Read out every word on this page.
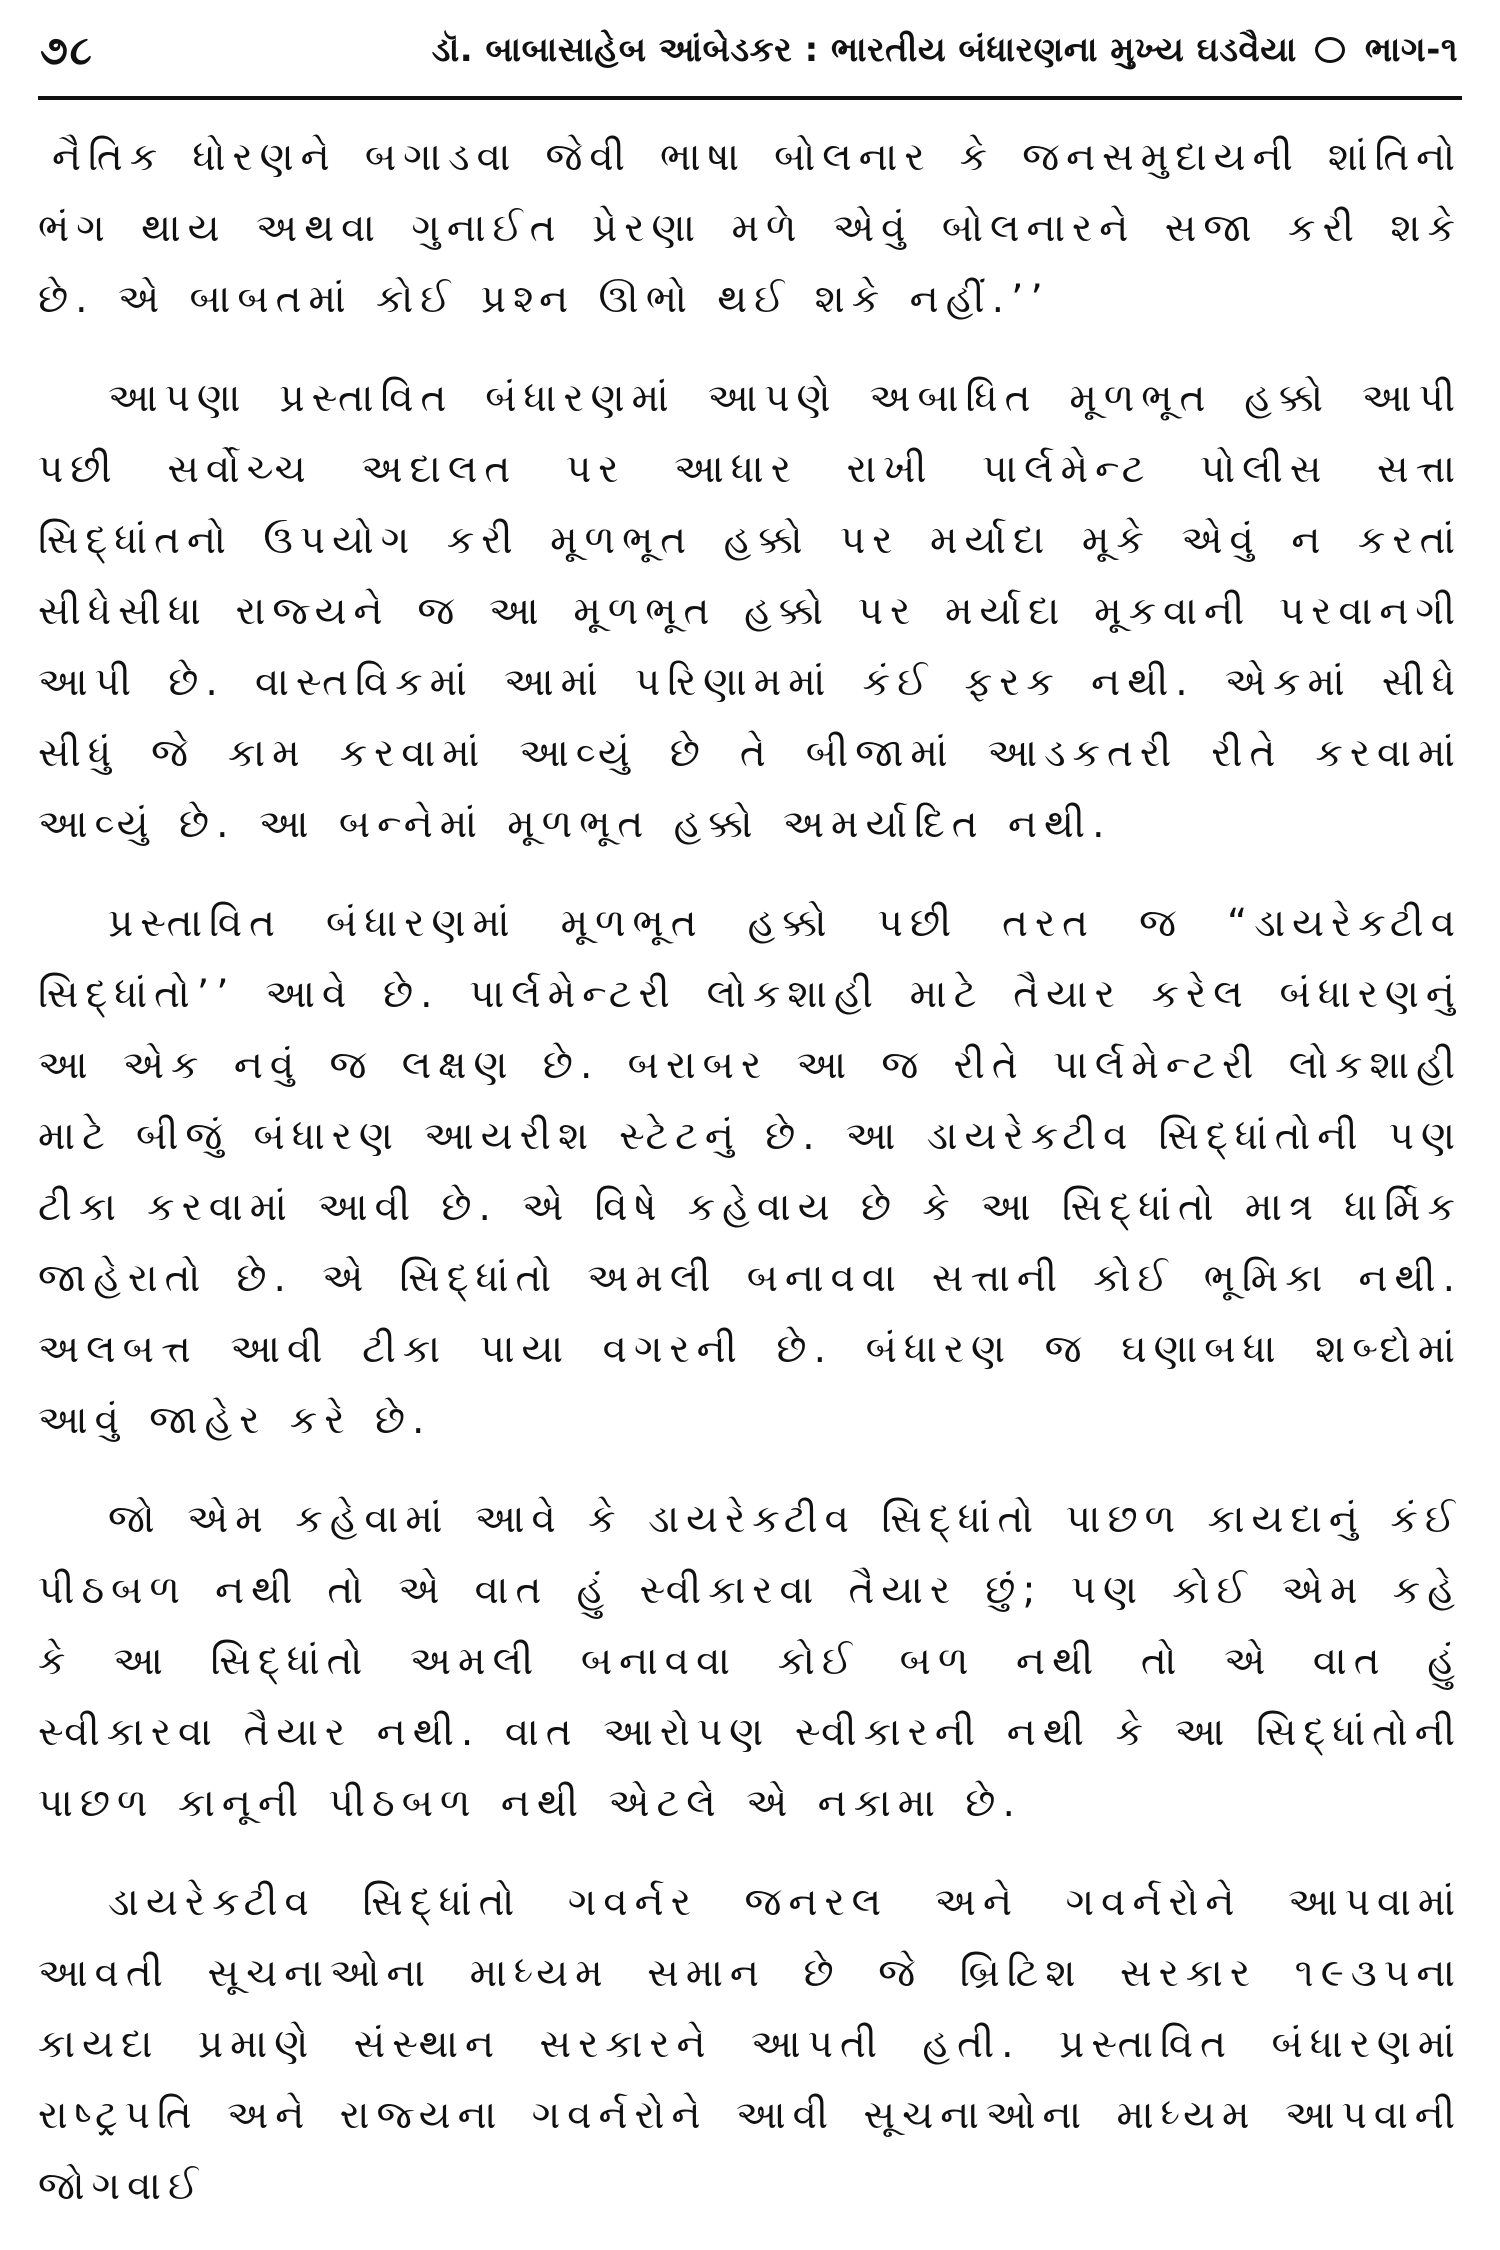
૭૮	ડૉ. બાબાસાહેબ આંબેડકર : ભારતીય બંધારણના મુખ્ય ઘડવૈયા ભાગ-૧

નૈતિક ધોરણને બગાડવા જેવી ભાષા બોલનાર કે જનસમુદાયની શાંતિનો ભંગ થાય અથવા ગુનાઈત પ્રેરણા મળે એવું બોલનારને સજા કરી શકે છે. એ બાબતમાં કોઈ પ્રશ્ન ઊભો થઈ શકે નહીં.’’

આપણા પ્રસ્તાવિત બંધારણમાં આપણે અબાધિત મૂળભૂત હક્કો આપી પછી સર્વોચ્ચ અદાલત પર આધાર રાખી પાર્લમેન્ટ પોલીસ સત્તા સિદ્ધાંતનો ઉપયોગ કરી મૂળભૂત હક્કો પર મર્યાદા મૂકે એવું ન કરતાં સીધેસીધા રાજ્યને જ આ મૂળભૂત હક્કો પર મર્યાદા મૂકવાની પરવાનગી આપી છે. વાસ્તવિકમાં આમાં પરિણામમાં કંઈ ફરક નથી. એકમાં સીધે સીધું જે કામ કરવામાં આવ્યું છે તે બીજામાં આડકતરી રીતે કરવામાં આવ્યું છે. આ બન્નેમાં મૂળભૂત હક્કો અમર્યાદિત નથી.

પ્રસ્તાવિત બંધારણમાં મૂળભૂત હક્કો પછી તરત જ “ડાયરેક્ટીવ સિદ્ધાંતો’’ આવે છે. પાર્લમેન્ટરી લોકશાહી માટે તૈયાર કરેલ બંધારણનું આ એક નવું જ લક્ષણ છે. બરાબર આ જ રીતે પાર્લમેન્ટરી લોકશાહી માટે બીજું બંધારણ આયરીશ સ્ટેટનું છે. આ ડાયરેક્ટીવ સિદ્ધાંતોની પણ ટીકા કરવામાં આવી છે. એ વિષે કહેવાય છે કે આ સિદ્ધાંતો માત્ર ધાર્મિક જાહેરાતો છે. એ સિદ્ધાંતો અમલી બનાવવા સત્તાની કોઈ ભૂમિકા નથી. અલબત્ત આવી ટીકા પાયા વગરની છે. બંધારણ જ ઘણાબધા શબ્દોમાં આવું જાહેર કરે છે.

જો એમ કહેવામાં આવે કે ડાયરેક્ટીવ સિદ્ધાંતો પાછળ કાયદાનું કંઈ પીઠબળ નથી તો એ વાત હું સ્વીકારવા તૈયાર છું; પણ કોઈ એમ કહે કે આ સિદ્ધાંતો અમલી બનાવવા કોઈ બળ નથી તો એ વાત હું સ્વીકારવા તૈયાર નથી. વાત આરોપણ સ્વીકારની નથી કે આ સિદ્ધાંતોની પાછળ કાનૂની પીઠબળ નથી એટલે એ નકામા છે.

ડાયરેક્ટીવ સિદ્ધાંતો ગવર્નર જનરલ અને ગવર્નરોને આપવામાં આવતી સૂચનાઓના માધ્યમ સમાન છે જે બ્રિટિશ સરકાર ૧૯૩૫ના કાયદા પ્રમાણે સંસ્થાન સરકારને આપતી હતી. પ્રસ્તાવિત બંધારણમાં રાષ્ટ્રપતિ અને રાજ્યના ગવર્નરોને આવી સૂચનાઓના માધ્યમ આપવાની જોગવાઈ
